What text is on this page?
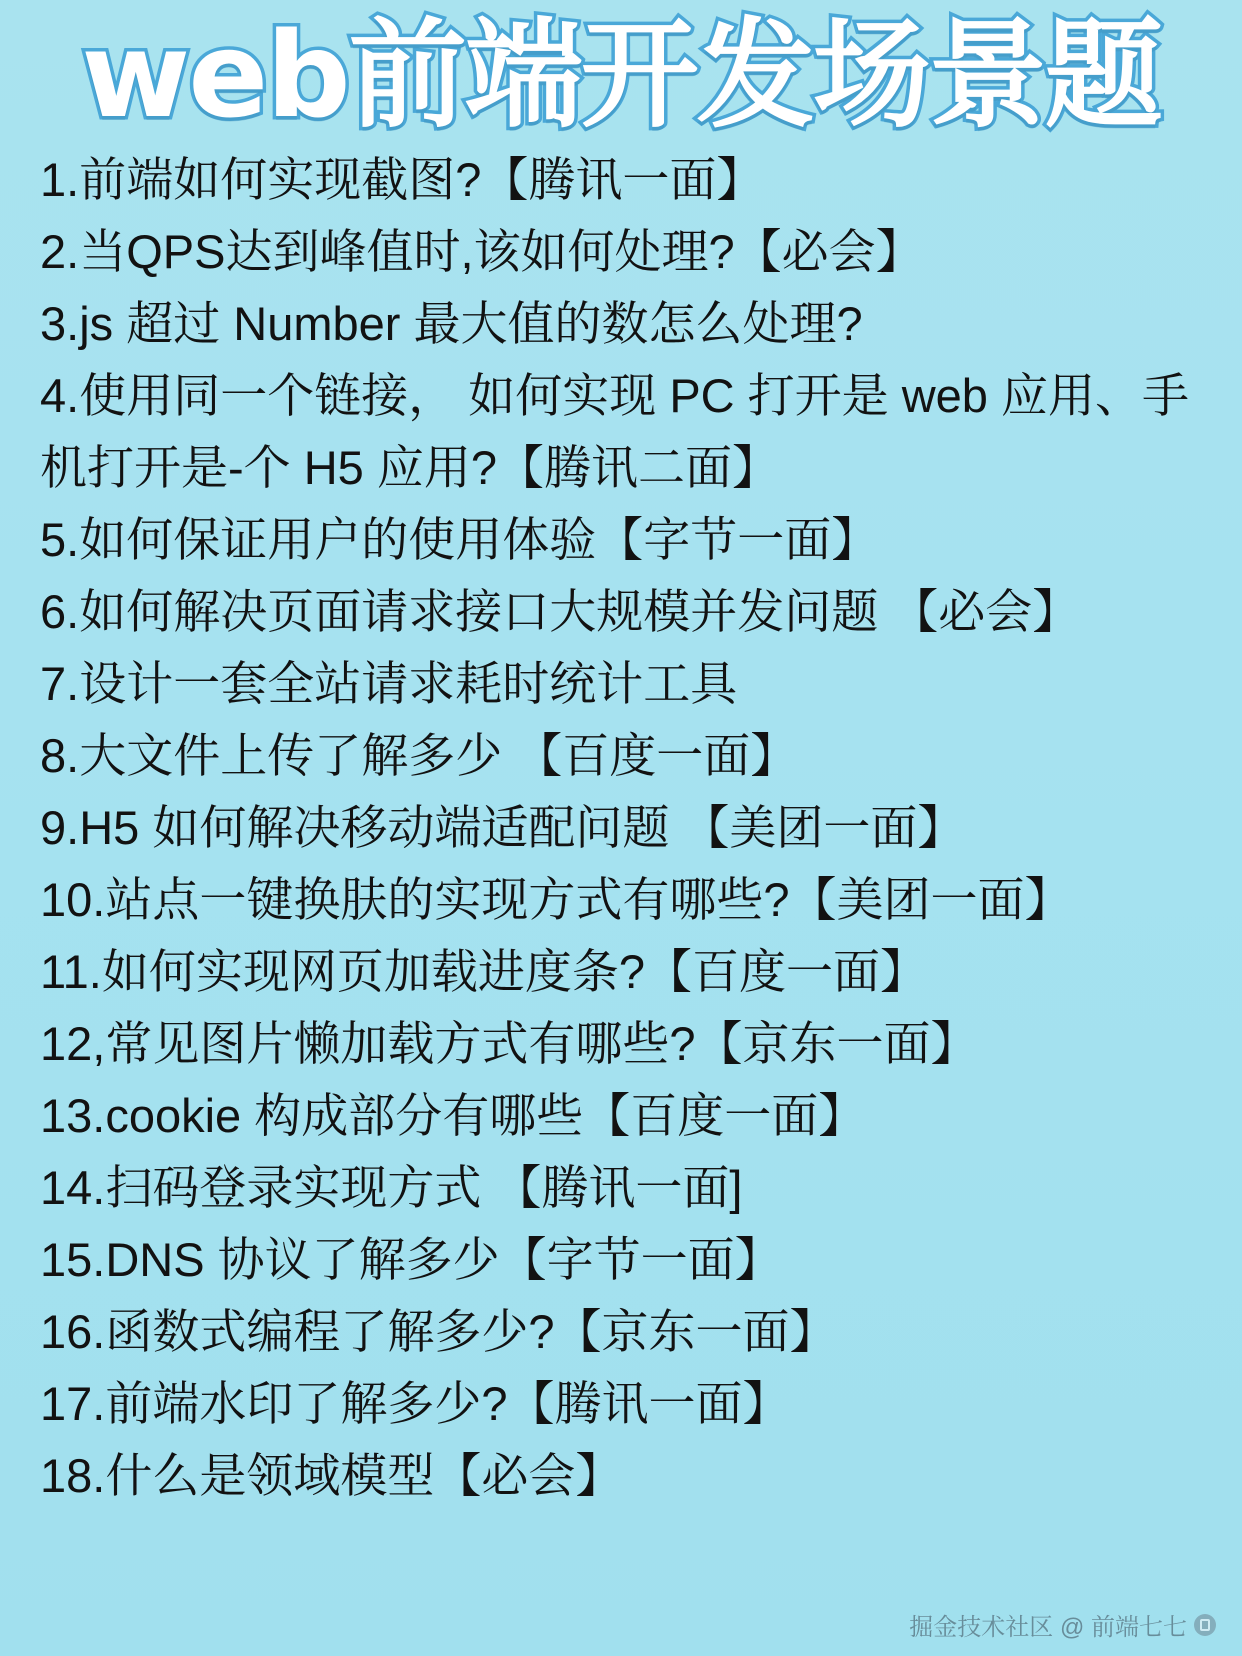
web前端开发场景题
1.前端如何实现截图?【腾讯一面】
2.当QPS达到峰值时,该如何处理?【必会】
3.js 超过 Number 最大值的数怎么处理?
4.使用同一个链接， 如何实现 PC 打开是 web 应用、手机打开是-个 H5 应用?【腾讯二面】
5.如何保证用户的使用体验【字节一面】
6.如何解决页面请求接口大规模并发问题 【必会】
7.设计一套全站请求耗时统计工具
8.大文件上传了解多少 【百度一面】
9.H5 如何解决移动端适配问题 【美团一面】
10.站点一键换肤的实现方式有哪些?【美团一面】
11.如何实现网页加载进度条?【百度一面】
12,常见图片懒加载方式有哪些?【京东一面】
13.cookie 构成部分有哪些【百度一面】
14.扫码登录实现方式 【腾讯一面]
15.DNS 协议了解多少【字节一面】
16.函数式编程了解多少?【京东一面】
17.前端水印了解多少?【腾讯一面】
18.什么是领域模型【必会】
掘金技术社区 @ 前端七七
